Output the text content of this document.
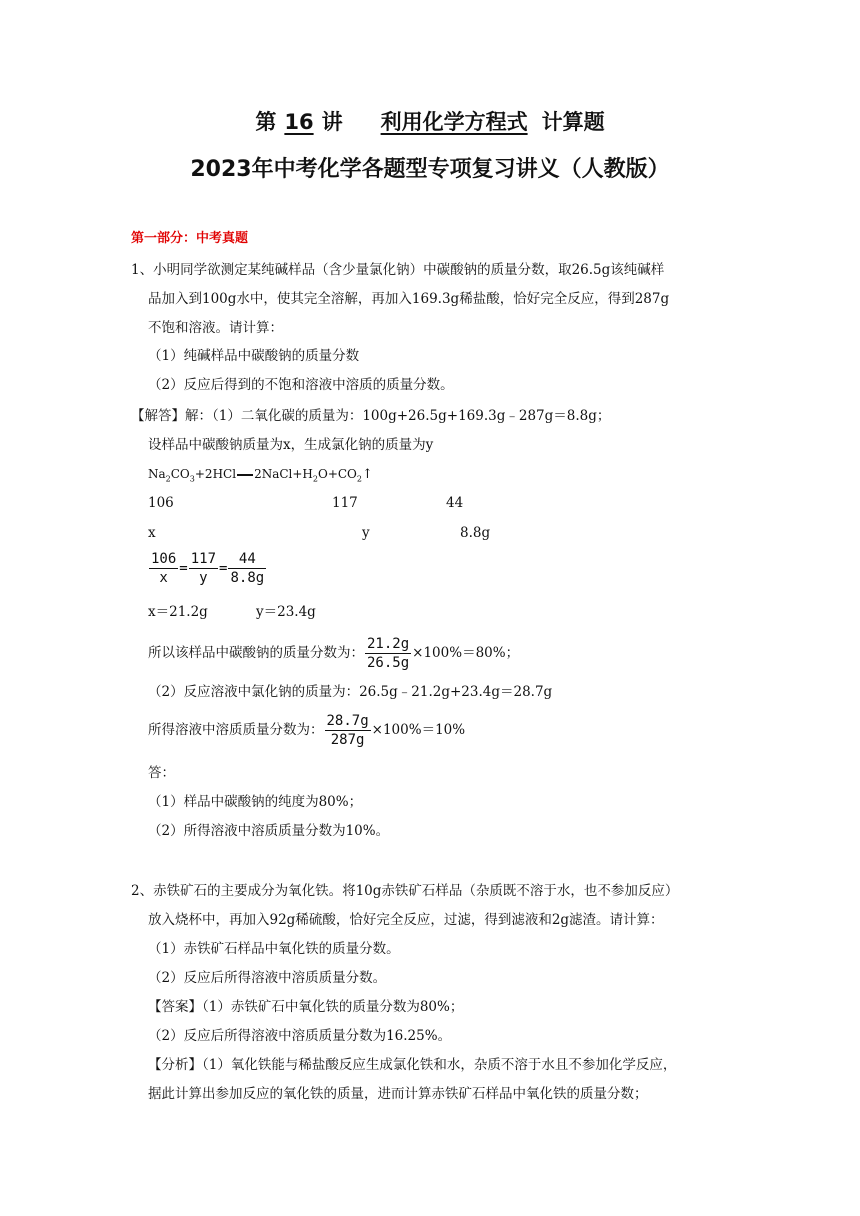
第 16 讲 利用化学方程式 计算题
2023年中考化学各题型专项复习讲义（人教版）
第一部分：中考真题
1、小明同学欲测定某纯碱样品（含少量氯化钠）中碳酸钠的质量分数，取26.5g该纯碱样
品加入到100g水中，使其完全溶解，再加入169.3g稀盐酸，恰好完全反应，得到287g
不饱和溶液。请计算：
（1）纯碱样品中碳酸钠的质量分数
（2）反应后得到的不饱和溶液中溶质的质量分数。
【解答】解：（1）二氧化碳的质量为：100g+26.5g+169.3g﹣287g＝8.8g；
设样品中碳酸钠质量为x，生成氯化钠的质量为y
$Na_2CO_3+2HCl$ $2NaCl+H_2O+CO_2↑$
106	117	44
x	y	8.8g
$\frac{106}{x} = \frac{117}{y} = \frac{44}{8.8g}$
x＝21.2g	y＝23.4g
所以该样品中碳酸钠的质量分数为： $\frac{21.2g}{26.5g} \times 100\%=80\%$；
（2）反应溶液中氯化钠的质量为：26.5g﹣21.2g+23.4g＝28.7g
所得溶液中溶质质量分数为： $\frac{28.7g}{287g} \times 100\%=10\%$
答：
（1）样品中碳酸钠的纯度为80%；
（2）所得溶液中溶质质量分数为10%。
2、赤铁矿石的主要成分为氧化铁。将10g赤铁矿石样品（杂质既不溶于水，也不参加反应）
放入烧杯中，再加入92g稀硫酸，恰好完全反应，过滤，得到滤液和2g滤渣。请计算：
（1）赤铁矿石样品中氧化铁的质量分数。
（2）反应后所得溶液中溶质质量分数。
【答案】（1）赤铁矿石中氧化铁的质量分数为80%；
（2）反应后所得溶液中溶质质量分数为16.25%。
【分析】（1）氧化铁能与稀盐酸反应生成氯化铁和水，杂质不溶于水且不参加化学反应，
据此计算出参加反应的氧化铁的质量，进而计算赤铁矿石样品中氧化铁的质量分数；
